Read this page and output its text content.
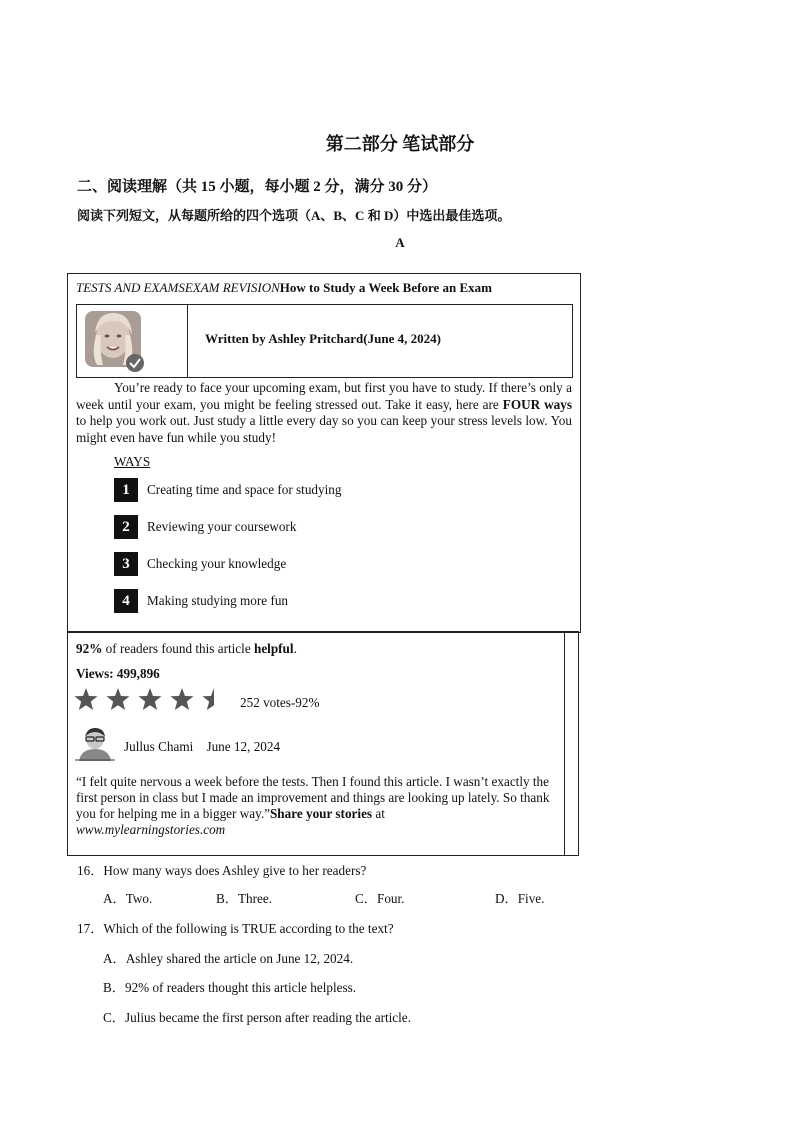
第二部分 笔试部分
二、阅读理解（共 15 小题，每小题 2 分，满分 30 分）
阅读下列短文，从每题所给的四个选项（A、B、C 和 D）中选出最佳选项。
A
TESTS AND EXAMSEXAM REVISIONHow to Study a Week Before an Exam
Written by Ashley Pritchard(June 4, 2024)
You’re ready to face your upcoming exam, but first you have to study. If there’s only a week until your exam, you might be feeling stressed out. Take it easy, here are FOUR ways to help you work out. Just study a little every day so you can keep your stress levels low. You might even have fun while you study!
WAYS
1	Creating time and space for studying
2	Reviewing your coursework
3	Checking your knowledge
4	Making studying more fun
92% of readers found this article helpful.
Views: 499,896
252 votes-92%
Jullus Chami June 12, 2024
“I felt quite nervous a week before the tests. Then I found this article. I wasn’t exactly the first person in class but I made an improvement and things are looking up lately. So thank you for helping me in a bigger way.”Share your stories at
www.mylearningstories.com
16．How many ways does Ashley give to her readers?
A．Two.	B．Three.	C．Four.	D．Five.
17．Which of the following is TRUE according to the text?
A．Ashley shared the article on June 12, 2024.
B．92% of readers thought this article helpless.
C．Julius became the first person after reading the article.
